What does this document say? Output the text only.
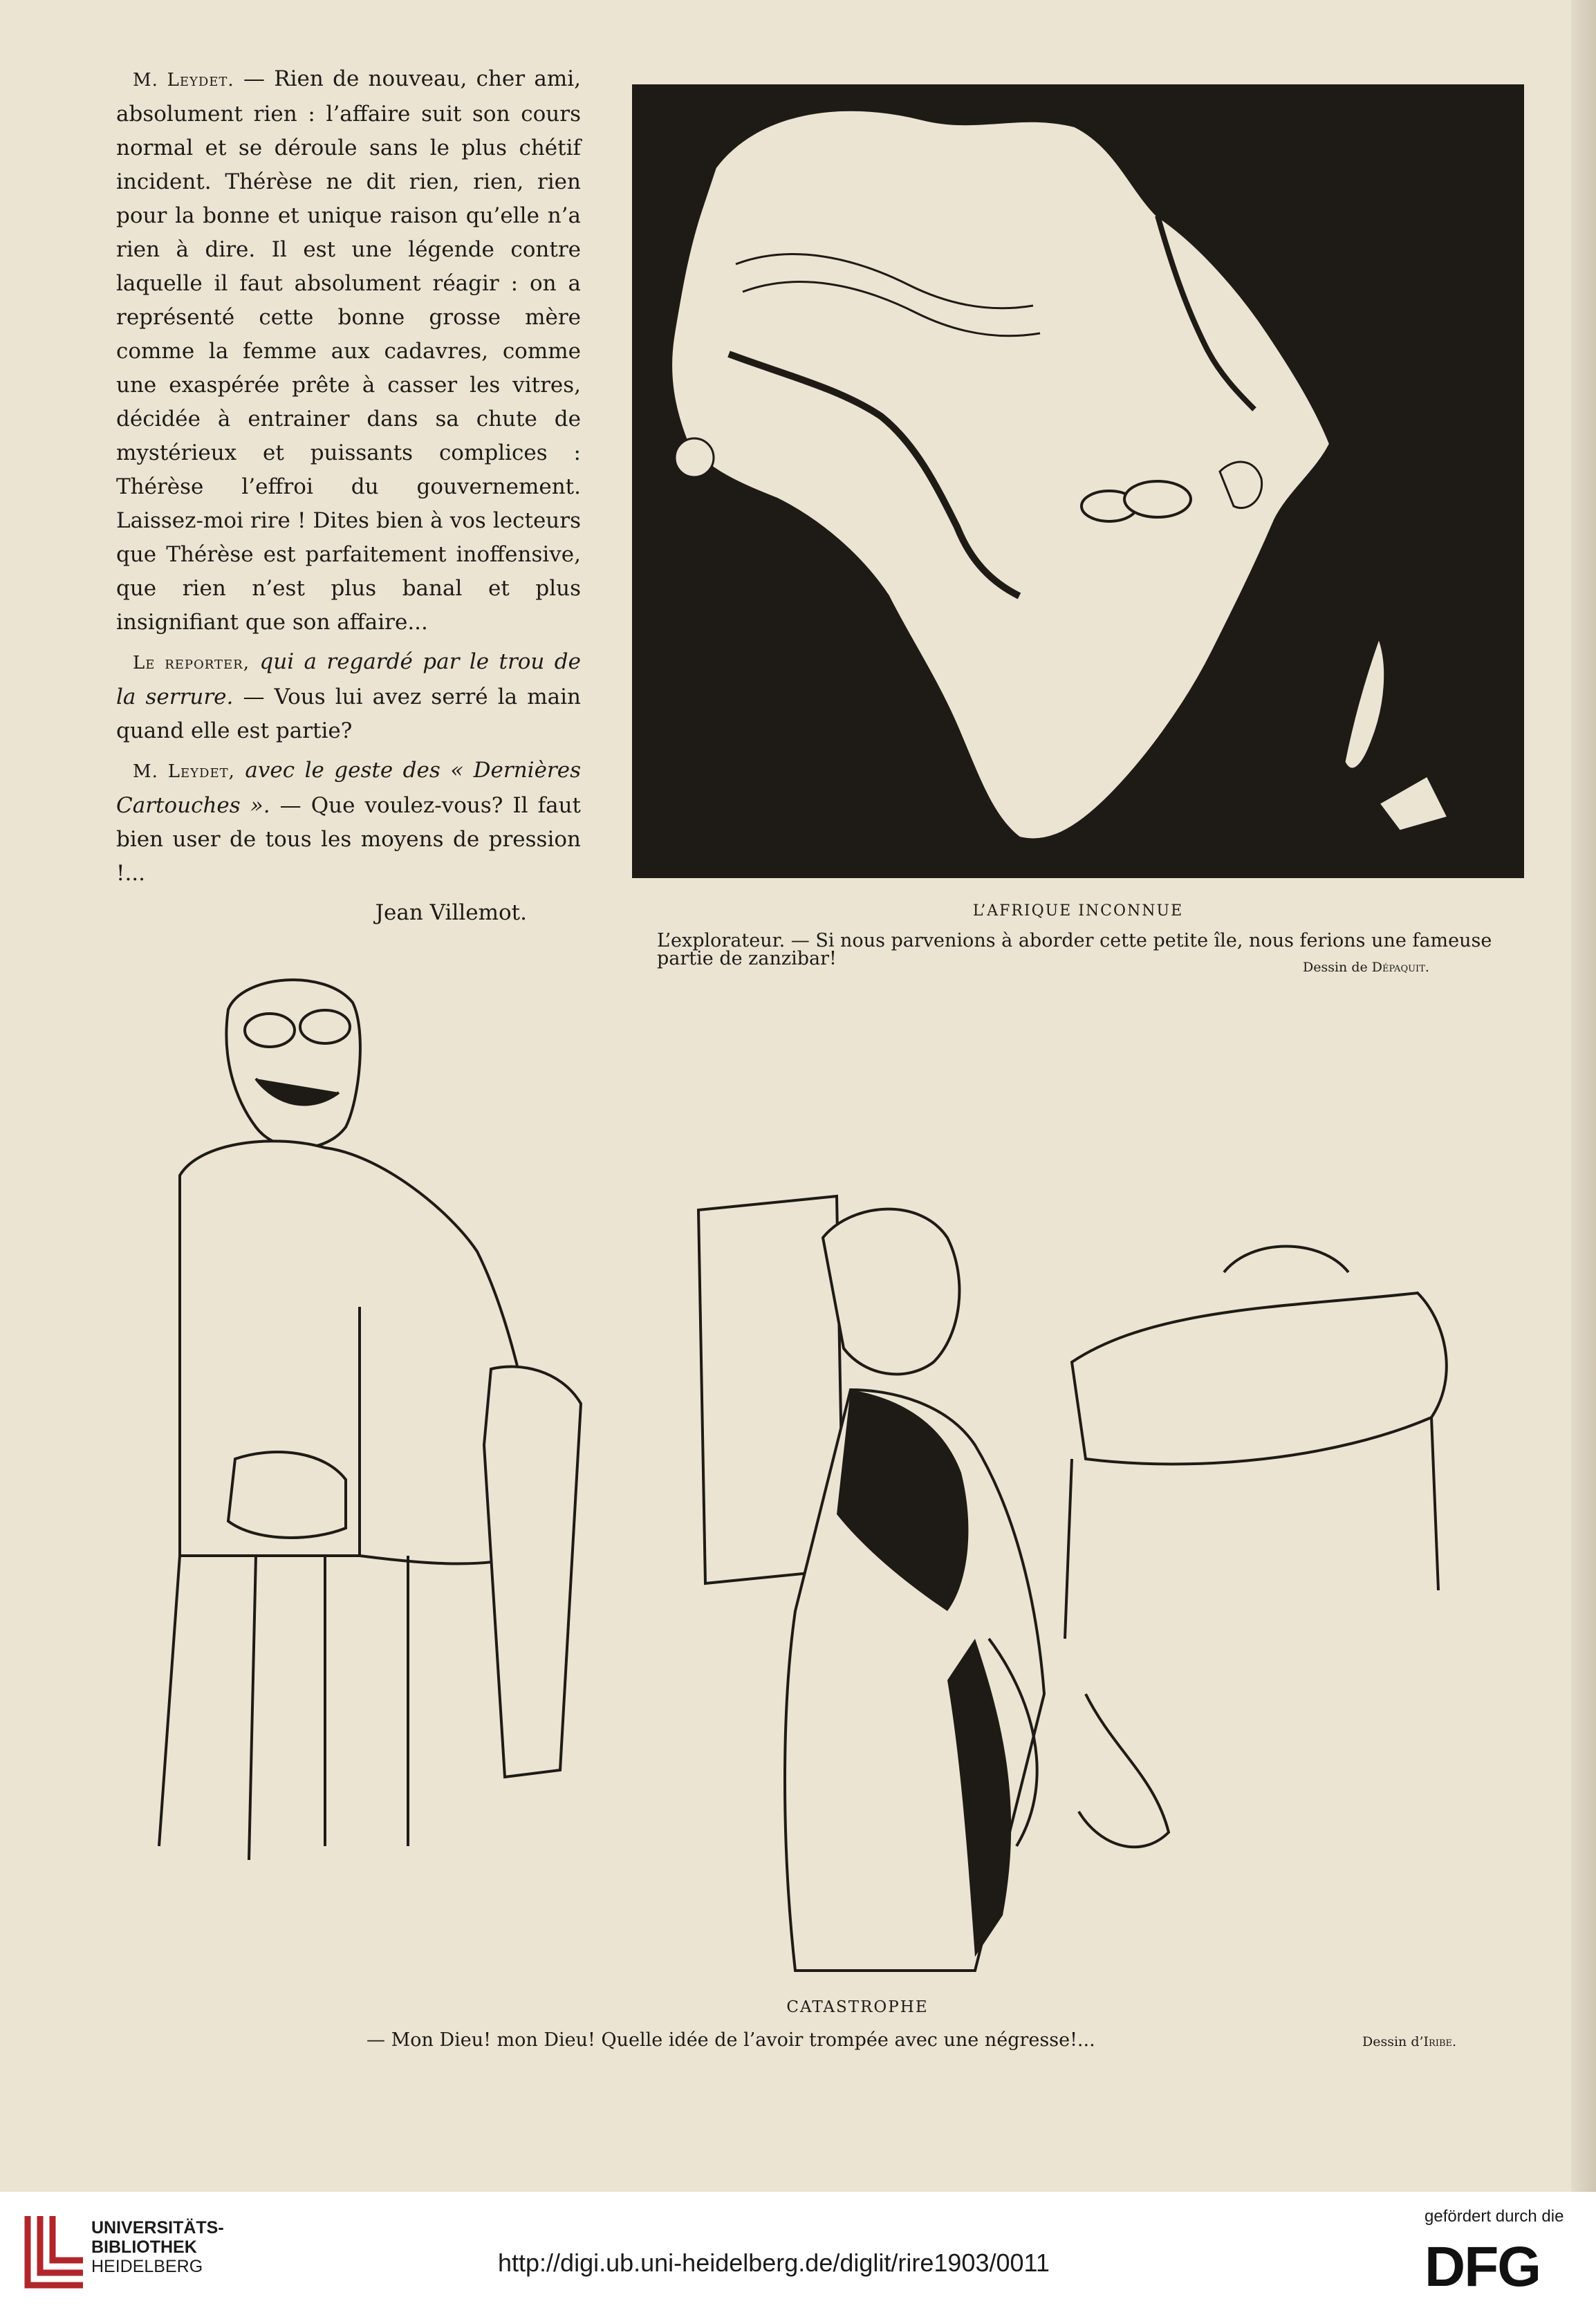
M. Leydet. — Rien de nouveau, cher ami, absolument rien : l’affaire suit son cours normal et se déroule sans le plus chétif incident. Thérèse ne dit rien, rien, rien pour la bonne et unique raison qu’elle n’a rien à dire. Il est une légende contre laquelle il faut absolument réagir : on a représenté cette bonne grosse mère comme la femme aux cadavres, comme une exaspérée prête à casser les vitres, décidée à entrainer dans sa chute de mystérieux et puissants complices : Thérèse l’effroi du gouvernement. Laissez-moi rire ! Dites bien à vos lecteurs que Thérèse est parfaitement inoffensive, que rien n’est plus banal et plus insignifiant que son affaire...

Le reporter, qui a regardé par le trou de la serrure. — Vous lui avez serré la main quand elle est partie?

M. Leydet, avec le geste des « Dernières Cartouches ». — Que voulez-vous? Il faut bien user de tous les moyens de pression !...

Jean Villemot.	L’AFRIQUE INCONNUE
L’explorateur. — Si nous parvenions à aborder cette petite île, nous ferions une fameuse partie de zanzibar!	Dessin de Dépaquit.
CATASTROPHE
— Mon Dieu! mon Dieu! Quelle idée de l’avoir trompée avec une négresse!...	Dessin d’Iribe.
UNIVERSITÄTS-
BIBLIOTHEK
HEIDELBERG	http://digi.ub.uni-heidelberg.de/diglit/rire1903/0011
gefördert durch die
DFG
